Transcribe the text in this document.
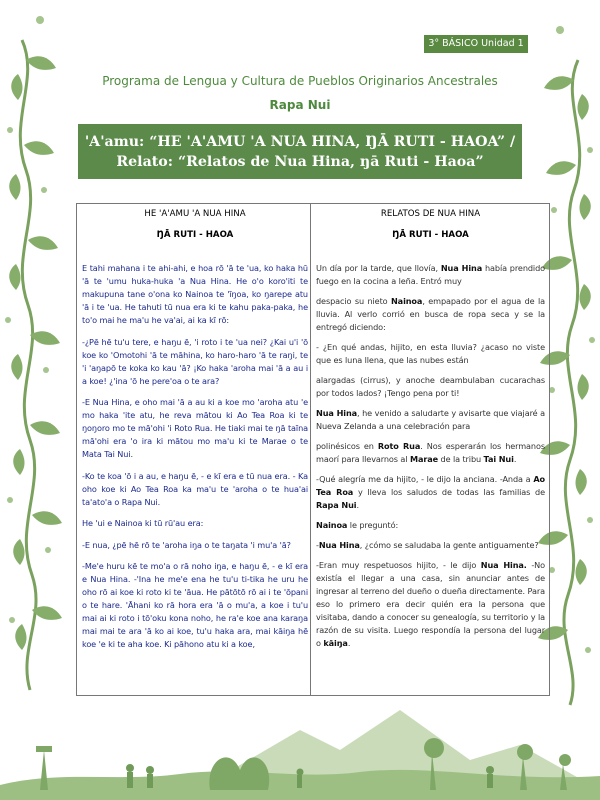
3° BÁSICO Unidad 1
Programa de Lengua y Cultura de Pueblos Originarios Ancestrales
Rapa Nui
'A'amu: “HE 'A'AMU 'A NUA HINA, ŊĀ RUTI - HAOA” /
Relato: “Relatos de Nua Hina, ŋā Ruti - Haoa”
HE 'A'AMU 'A NUA HINA
ŊĀ RUTI - HAOA

E tahi mahana i te ahi-ahi, e hoa rō 'ā te 'ua, ko haka hū 'ā te 'umu huka-huka 'a Nua Hina. He o'o koro'iti te makupuna tane o'ona ko Nainoa te 'īŋoa, ko ŋarepe atu 'ā i te 'ua. He tahuti tū nua era ki te kahu paka-paka, he to'o mai he ma'u he va'ai, ai ka kī rō:

-¿Pē hē tu'u tere, e haŋu ē, 'i roto i te 'ua nei? ¿Kai u'i 'ō koe ko 'Omotohi 'ā te māhina, ko haro-haro 'ā te raŋi, te 'i 'aŋapō te koka ko kau 'ā? ¡Ko haka 'aroha mai 'ā a au i a koe! ¿'ina 'ō he pere'oa o te ara?

-E Nua Hina, e oho mai 'ā a au ki a koe mo 'aroha atu 'e mo haka 'ite atu, he reva mātou ki Ao Tea Roa ki te ŋoŋoro mo te mā'ohi 'i Roto Rua. He tiaki mai te ŋā taīna mā'ohi era 'o ira ki mātou mo ma'u ki te Marae o te Mata Tai Nui.

-Ko te koa 'ō i a au, e haŋu ē, - e kī era e tū nua era. - Ka oho koe ki Ao Tea Roa ka ma'u te 'aroha o te hua'ai ta'ato'a o Rapa Nui.

He 'ui e Nainoa ki tū rū'au era:

-E nua, ¿pē hē rō te 'aroha iŋa o te taŋata 'i mu'a 'ā?

-Me'e huru kē te mo'a o rā noho iŋa, e haŋu ē, - e kī era e Nua Hina. -'Ina he me'e ena he tu'u ti-tika he uru he oho rō ai koe ki roto ki te 'āua. He pātōtō rō ai i te 'ōpani o te hare. 'Āhani ko rā hora era 'ā o mu'a, a koe i tu'u mai ai ki roto i tō'oku kona noho, he ra'e koe ana karaŋa mai mai te ara 'ā ko ai koe, tu'u haka ara, mai kāiŋa hē koe 'e ki te aha koe. Ki pāhono atu ki a koe,

RELATOS DE NUA HINA
ŊĀ RUTI - HAOA

Un día por la tarde, que llovía, Nua Hina había prendido fuego en la cocina a leña. Entró muy

despacio su nieto Nainoa, empapado por el agua de la lluvia. Al verlo corrió en busca de ropa seca y se la entregó diciendo:

- ¿En qué andas, hijito, en esta lluvia? ¿acaso no viste que es luna llena, que las nubes están

alargadas (cirrus), y anoche deambulaban cucarachas por todos lados? ¡Tengo pena por ti!

Nua Hina, he venido a saludarte y avisarte que viajaré a Nueva Zelanda a una celebración para

polinésicos en Roto Rua. Nos esperarán los hermanos maorí para llevarnos al Marae de la tribu Tai Nui.

-Qué alegría me da hijito, - le dijo la anciana. -Anda a Ao Tea Roa y lleva los saludos de todas las familias de Rapa Nui.

Nainoa le preguntó:

-Nua Hina, ¿cómo se saludaba la gente antiguamente?

-Eran muy respetuosos hijito, - le dijo Nua Hina. -No existía el llegar a una casa, sin anunciar antes de ingresar al terreno del dueño o dueña directamente. Para eso lo primero era decir quién era la persona que visitaba, dando a conocer su genealogía, su territorio y la razón de su visita. Luego respondía la persona del lugar o kāiŋa.
